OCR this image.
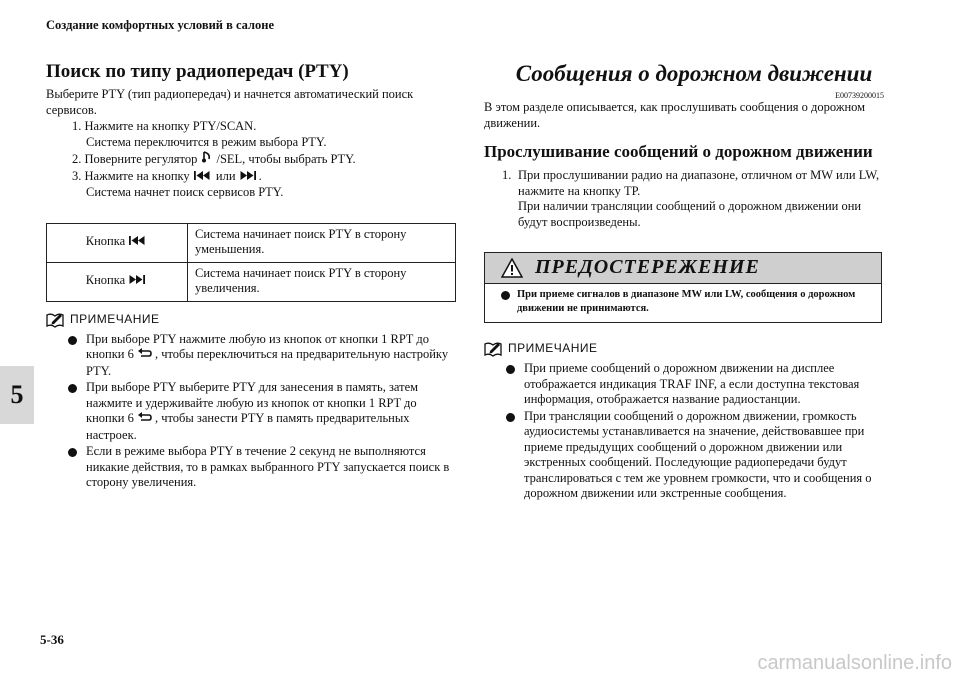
Создание комфортных условий в салоне
5
Поиск по типу радиопередач (PTY)

Выберите PTY (тип радиопередач) и начнется автоматический поиск сервисов.

1. Нажмите на кнопку PTY/SCAN.
Система переключится в режим выбора PTY.
2. Поверните регулятор /SEL, чтобы выбрать PTY.
3. Нажмите на кнопку или .
Система начнет поиск сервисов PTY.
Кнопка	Система начинает поиск PTY в сторону уменьшения.
Кнопка	Система начинает поиск PTY в сторону увеличения.
ПРИМЕЧАНИЕ
При выборе PTY нажмите любую из кнопок от кнопки 1 RPT до кнопки 6 , чтобы переключиться на предварительную настройку PTY.
При выборе PTY выберите PTY для занесения в память, затем нажмите и удерживайте любую из кнопок от кнопки 1 RPT до кнопки 6 , чтобы занести PTY в память предварительных настроек.
Если в режиме выбора PTY в течение 2 секунд не выполняются никакие действия, то в рамках выбранного PTY запускается поиск в сторону увеличения.
Сообщения о дорожном движении
E00739200015

В этом разделе описывается, как прослушивать сообщения о дорожном движении.

Прослушивание сообщений о дорожном движении
1. При прослушивании радио на диапазоне, отличном от MW или LW, нажмите на кнопку TP.
При наличии трансляции сообщений о дорожном движении они будут воспроизведены.
ПРЕДОСТЕРЕЖЕНИЕ
При приеме сигналов в диапазоне MW или LW, сообщения о дорожном движении не принимаются.
ПРИМЕЧАНИЕ
При приеме сообщений о дорожном движении на дисплее отображается индикация TRAF INF, а если доступна текстовая информация, отображается название радиостанции.
При трансляции сообщений о дорожном движении, громкость аудиосистемы устанавливается на значение, действовавшее при приеме предыдущих сообщений о дорожном движении или экстренных сообщений. Последующие радиопередачи будут транслироваться с тем же уровнем громкости, что и сообщения о дорожном движении или экстренные сообщения.
5-36
carmanualsonline.info
